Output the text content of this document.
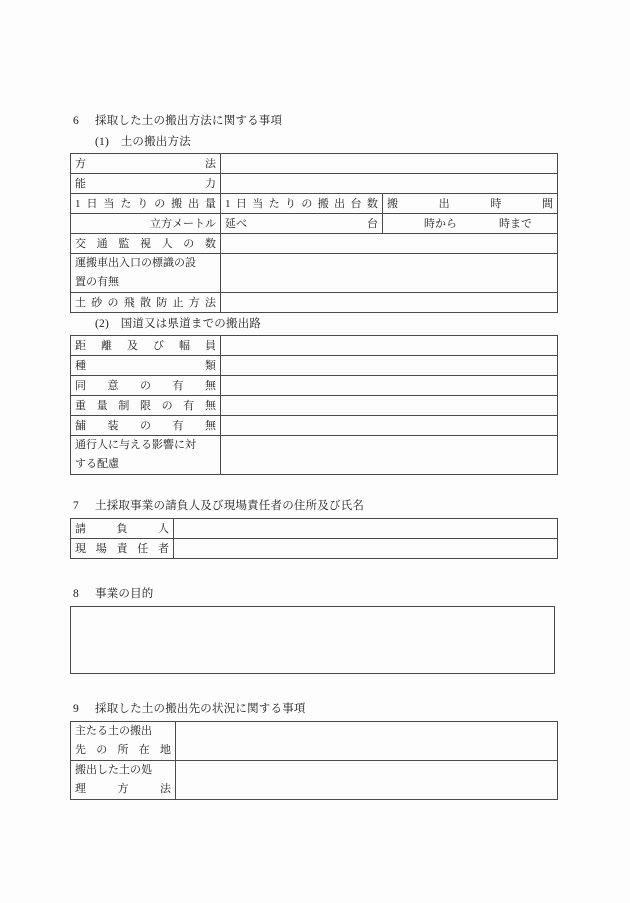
6 採取した土の搬出方法に関する事項
(1)　土の搬出方法
方 法		

能 力		

1 日 当 た り の 搬 出 量	1 日 当 た り の 搬 出 台 数	搬	出	時	間

立方メートル	延べ 台	時から 時まで

交 通 監 視 人 の 数

運搬車出入口の標識の設
置の有無		

土 砂 の 飛 散 防 止 方 法

(2)　国道又は県道までの搬出路
距 離 及 び 幅 員

種 類	

同 意 の 有 無	

重 量 制 限 の 有 無

舗 装 の 有 無	

通行人に与える影響に対
する配慮	

7 土採取事業の請負人及び現場責任者の住所及び氏名
請 負 人	

現 場 責 任 者	

8 事業の目的
9 採取した土の搬出先の状況に関する事項
主たる土の搬出
先 の 所 在 地

搬出した土の処
理 方 法	
